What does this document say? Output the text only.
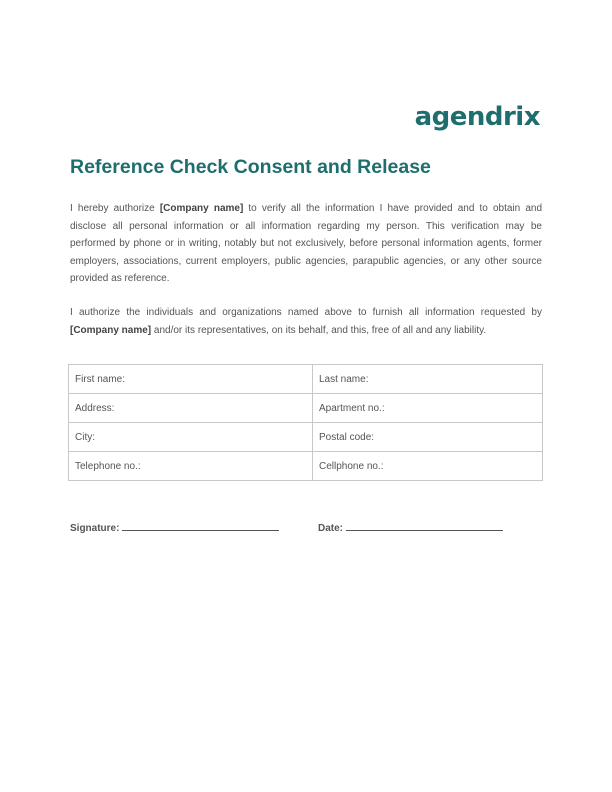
agendrix
Reference Check Consent and Release

I hereby authorize [Company name] to verify all the information I have provided and to obtain and disclose all personal information or all information regarding my person. This verification may be performed by phone or in writing, notably but not exclusively, before personal information agents, former employers, associations, current employers, public agencies, parapublic agencies, or any other source provided as reference.

I authorize the individuals and organizations named above to furnish all information requested by [Company name] and/or its representatives, on its behalf, and this, free of all and any liability.

First name:	Last name:
Address:	Apartment no.:
City:	Postal code:
Telephone no.:	Cellphone no.:
Signature:	Date:
